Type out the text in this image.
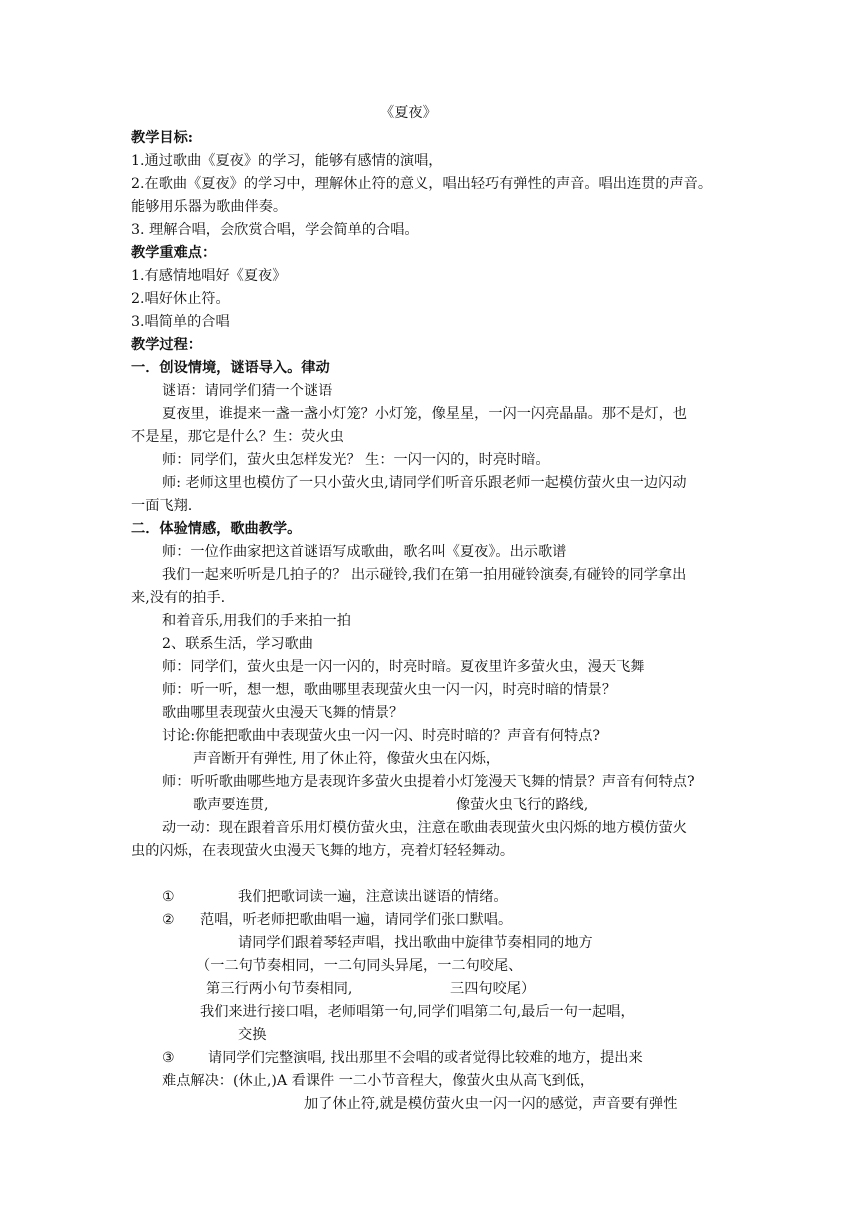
《夏夜》
教学目标:
1.通过歌曲《夏夜》的学习，能够有感情的演唱，
2.在歌曲《夏夜》的学习中，理解休止符的意义，唱出轻巧有弹性的声音。唱出连贯的声音。
能够用乐器为歌曲伴奏。
3. 理解合唱，会欣赏合唱，学会简单的合唱。
教学重难点：
1.有感情地唱好《夏夜》
2.唱好休止符。
3.唱简单的合唱
教学过程：
一．创设情境，谜语导入。律动
谜语：请同学们猜一个谜语
夏夜里，谁提来一盏一盏小灯笼？小灯笼，像星星，一闪一闪亮晶晶。那不是灯，也
不是星，那它是什么？生：荧火虫
师：同学们，萤火虫怎样发光？ 生：一闪一闪的，时亮时暗。
师: 老师这里也模仿了一只小萤火虫,请同学们听音乐跟老师一起模仿萤火虫一边闪动
一面飞翔.
二．体验情感，歌曲教学。
师：一位作曲家把这首谜语写成歌曲，歌名叫《夏夜》。出示歌谱
我们一起来听听是几拍子的？ 出示碰铃,我们在第一拍用碰铃演奏,有碰铃的同学拿出
来,没有的拍手.
和着音乐,用我们的手来拍一拍
2、联系生活，学习歌曲
师：同学们，萤火虫是一闪一闪的，时亮时暗。夏夜里许多萤火虫，漫天飞舞
师：听一听，想一想，歌曲哪里表现萤火虫一闪一闪，时亮时暗的情景？
歌曲哪里表现萤火虫漫天飞舞的情景？
讨论:你能把歌曲中表现萤火虫一闪一闪、时亮时暗的？声音有何特点?
声音断开有弹性, 用了休止符，像萤火虫在闪烁，
师：听听歌曲哪些地方是表现许多萤火虫提着小灯笼漫天飞舞的情景？声音有何特点?
歌声要连贯,	像萤火虫飞行的路线,
动一动：现在跟着音乐用灯模仿萤火虫，注意在歌曲表现萤火虫闪烁的地方模仿萤火
虫的闪烁，在表现萤火虫漫天飞舞的地方，亮着灯轻轻舞动。
①	我们把歌词读一遍，注意读出谜语的情绪。
② 范唱，听老师把歌曲唱一遍，请同学们张口默唱。
请同学们跟着琴轻声唱，找出歌曲中旋律节奏相同的地方
（一二句节奏相同，一二句同头异尾，一二句咬尾、
第三行两小句节奏相同,	三四句咬尾）
我们来进行接口唱，老师唱第一句,同学们唱第二句,最后一句一起唱，
交换
③ 请同学们完整演唱, 找出那里不会唱的或者觉得比较难的地方，提出来
难点解决：(休止,)A 看课件 一二小节音程大，像萤火虫从高飞到低，
加了休止符,就是模仿萤火虫一闪一闪的感觉，声音要有弹性
